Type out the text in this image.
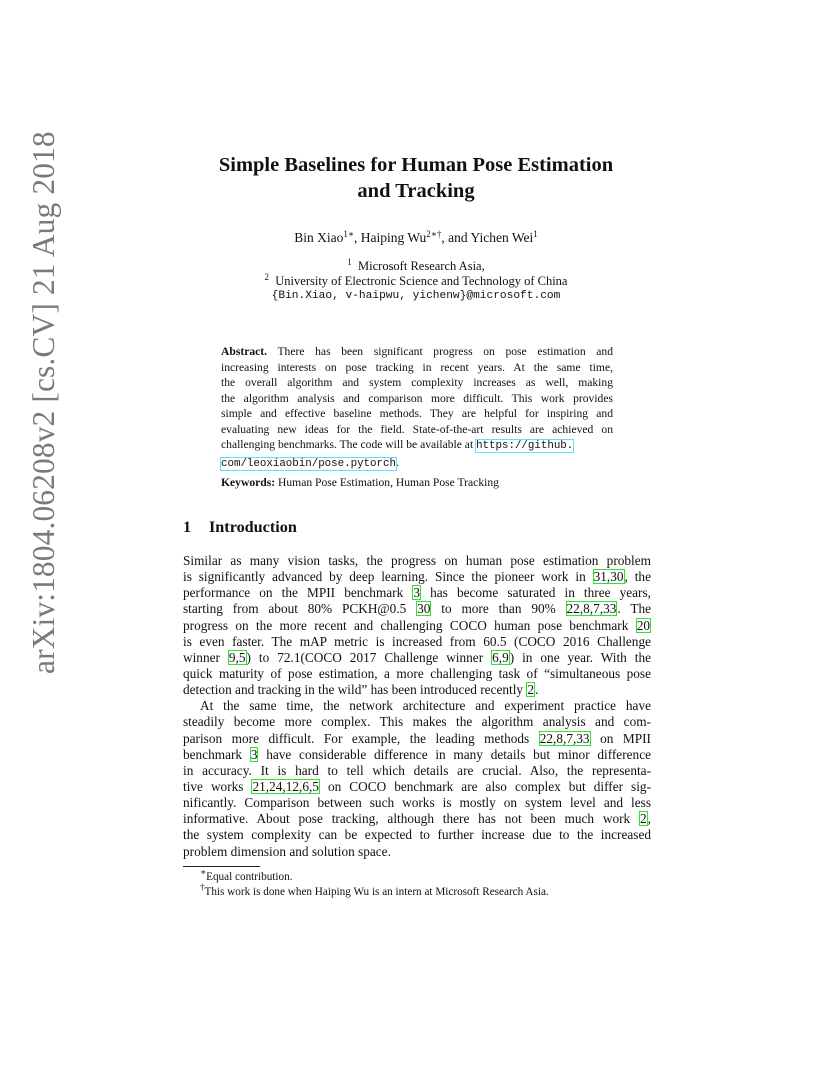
arXiv:1804.06208v2 [cs.CV] 21 Aug 2018	Simple Baselines for Human Pose Estimation
and Tracking
Bin Xiao$^{1∗}$, Haiping $Wu^{2∗\dagger}$, and Yichen Wei$^1$
$^1$ Microsoft Research Asia,
$^2$ University of Electronic Science and Technology of China
{Bin.Xiao, v-haipwu, yichenw}@microsoft.com
Abstract. There has been significant progress on pose estimation and
increasing interests on pose tracking in recent years. At the same time,
the overall algorithm and system complexity increases as well, making
the algorithm analysis and comparison more difficult. This work provides
simple and effective baseline methods. They are helpful for inspiring and
evaluating new ideas for the field. State-of-the-art results are achieved on
challenging benchmarks. The code will be available at https://github.
com/leoxiaobin/pose.pytorch.
Keywords: Human Pose Estimation, Human Pose Tracking
1 Introduction
Similar as many vision tasks, the progress on human pose estimation problem
is significantly advanced by deep learning. Since the pioneer work in 31,30, the
performance on the MPII benchmark 3 has become saturated in three years,
starting from about 80% PCKH@0.5 30 to more than 90% 22,8,7,33. The
progress on the more recent and challenging COCO human pose benchmark 20
is even faster. The mAP metric is increased from 60.5 (COCO 2016 Challenge
winner 9,5) to 72.1(COCO 2017 Challenge winner 6,9) in one year. With the
quick maturity of pose estimation, a more challenging task of “simultaneous pose
detection and tracking in the wild” has been introduced recently 2.
At the same time, the network architecture and experiment practice have
steadily become more complex. This makes the algorithm analysis and com-
parison more difficult. For example, the leading methods 22,8,7,33 on MPII
benchmark 3 have considerable difference in many details but minor difference
in accuracy. It is hard to tell which details are crucial. Also, the representa-
tive works 21,24,12,6,5 on COCO benchmark are also complex but differ sig-
nificantly. Comparison between such works is mostly on system level and less
informative. About pose tracking, although there has not been much work 2,
the system complexity can be expected to further increase due to the increased
problem dimension and solution space.
∗Equal contribution.
†This work is done when Haiping Wu is an intern at Microsoft Research Asia.
